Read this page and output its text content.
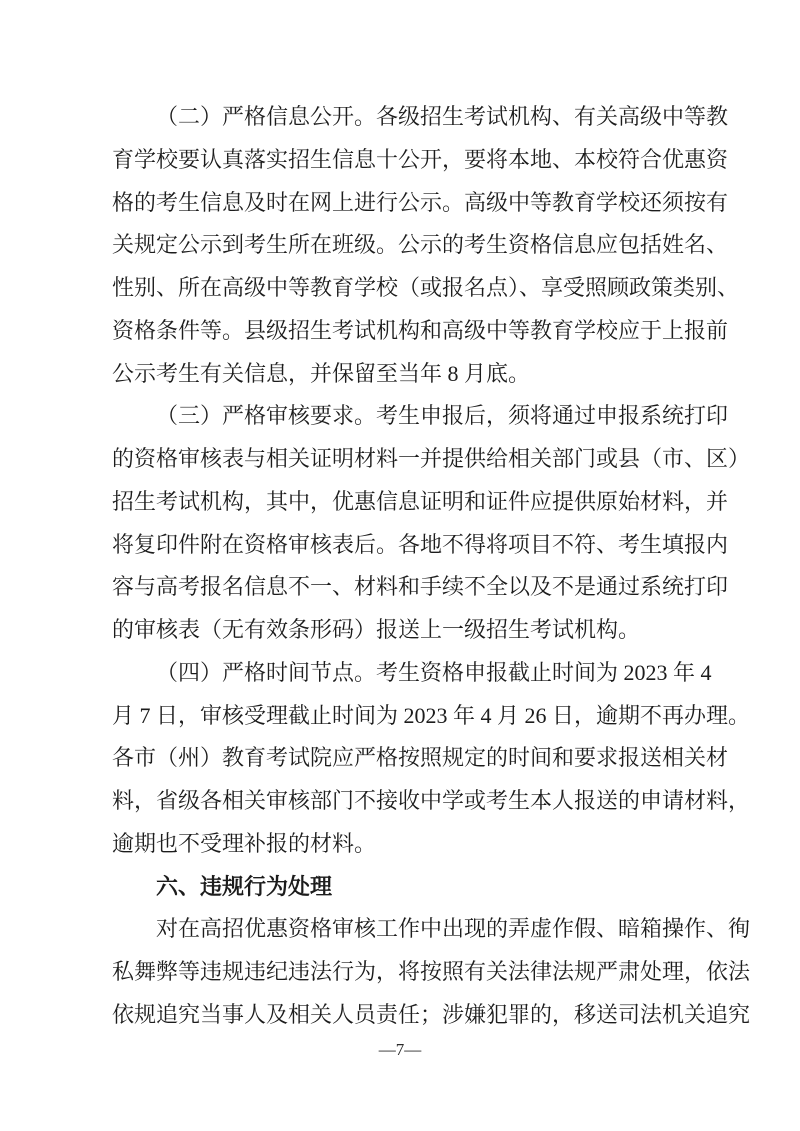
（二）严格信息公开。各级招生考试机构、有关高级中等教
育学校要认真落实招生信息十公开，要将本地、本校符合优惠资
格的考生信息及时在网上进行公示。高级中等教育学校还须按有
关规定公示到考生所在班级。公示的考生资格信息应包括姓名、
性别、所在高级中等教育学校（或报名点）、享受照顾政策类别、
资格条件等。县级招生考试机构和高级中等教育学校应于上报前
公示考生有关信息，并保留至当年 8 月底。
（三）严格审核要求。考生申报后，须将通过申报系统打印
的资格审核表与相关证明材料一并提供给相关部门或县（市、区）
招生考试机构，其中，优惠信息证明和证件应提供原始材料，并
将复印件附在资格审核表后。各地不得将项目不符、考生填报内
容与高考报名信息不一、材料和手续不全以及不是通过系统打印
的审核表（无有效条形码）报送上一级招生考试机构。
（四）严格时间节点。考生资格申报截止时间为 2023 年 4
月 7 日，审核受理截止时间为 2023 年 4 月 26 日，逾期不再办理。
各市（州）教育考试院应严格按照规定的时间和要求报送相关材
料，省级各相关审核部门不接收中学或考生本人报送的申请材料，
逾期也不受理补报的材料。
六、违规行为处理
对在高招优惠资格审核工作中出现的弄虚作假、暗箱操作、徇
私舞弊等违规违纪违法行为，将按照有关法律法规严肃处理，依法
依规追究当事人及相关人员责任；涉嫌犯罪的，移送司法机关追究
—7—
